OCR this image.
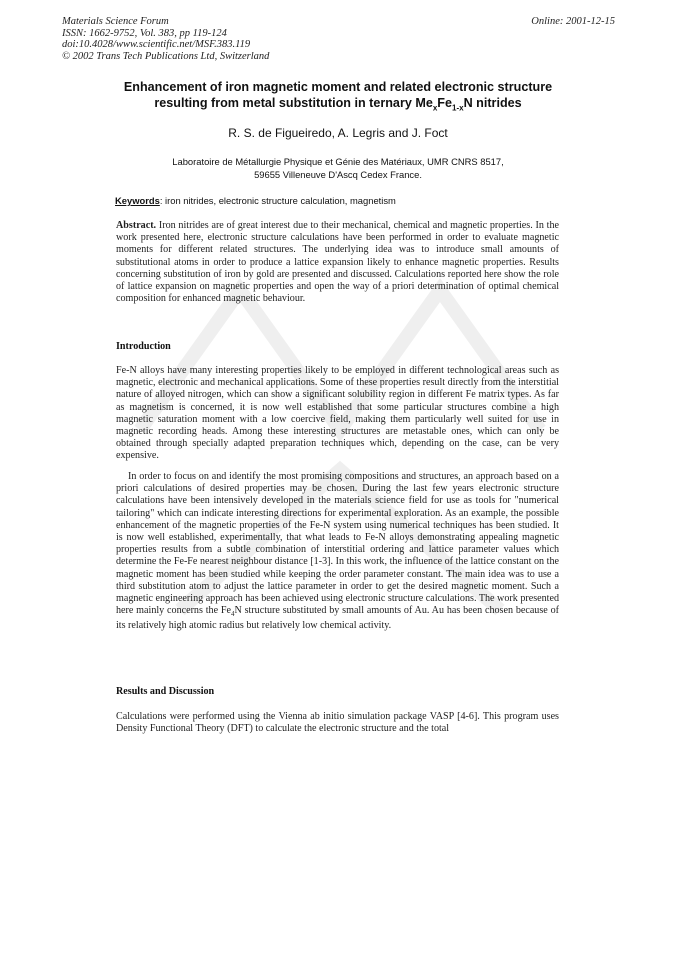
Materials Science Forum
ISSN: 1662-9752, Vol. 383, pp 119-124
doi:10.4028/www.scientific.net/MSF.383.119
© 2002 Trans Tech Publications Ltd, Switzerland
Online: 2001-12-15
Enhancement of iron magnetic moment and related electronic structure
resulting from metal substitution in ternary $Me_xFe_{1-x}N$ nitrides
R. S. de Figueiredo, A. Legris and J. Foct
Laboratoire de Métallurgie Physique et Génie des Matériaux, UMR CNRS 8517,
59655 Villeneuve D'Ascq Cedex France.
Keywords: iron nitrides, electronic structure calculation, magnetism
Abstract. Iron nitrides are of great interest due to their mechanical, chemical and magnetic properties. In the work presented here, electronic structure calculations have been performed in order to evaluate magnetic moments for different related structures. The underlying idea was to introduce small amounts of substitutional atoms in order to produce a lattice expansion likely to enhance magnetic properties. Results concerning substitution of iron by gold are presented and discussed. Calculations reported here show the role of lattice expansion on magnetic properties and open the way of a priori determination of optimal chemical composition for enhanced magnetic behaviour.
Introduction
Fe-N alloys have many interesting properties likely to be employed in different technological areas such as magnetic, electronic and mechanical applications. Some of these properties result directly from the interstitial nature of alloyed nitrogen, which can show a significant solubility region in different Fe matrix types. As far as magnetism is concerned, it is now well established that some particular structures combine a high magnetic saturation moment with a low coercive field, making them particularly well suited for use in magnetic recording heads. Among these interesting structures are metastable ones, which can only be obtained through specially adapted preparation techniques which, depending on the case, can be very expensive.
In order to focus on and identify the most promising compositions and structures, an approach based on a priori calculations of desired properties may be chosen. During the last few years electronic structure calculations have been intensively developed in the materials science field for use as tools for "numerical tailoring" which can indicate interesting directions for experimental exploration. As an example, the possible enhancement of the magnetic properties of the Fe-N system using numerical techniques has been studied. It is now well established, experimentally, that what leads to Fe-N alloys demonstrating appealing magnetic properties results from a subtle combination of interstitial ordering and lattice parameter values which determine the Fe-Fe nearest neighbour distance [1-3]. In this work, the influence of the lattice constant on the magnetic moment has been studied while keeping the order parameter constant. The main idea was to use a third substitution atom to adjust the lattice parameter in order to get the desired magnetic moment. Such a magnetic engineering approach has been achieved using electronic structure calculations. The work presented here mainly concerns the $Fe_4N$ structure substituted by small amounts of Au. Au has been chosen because of its relatively high atomic radius but relatively low chemical activity.
Results and Discussion
Calculations were performed using the Vienna ab initio simulation package VASP [4-6]. This program uses Density Functional Theory (DFT) to calculate the electronic structure and the total
